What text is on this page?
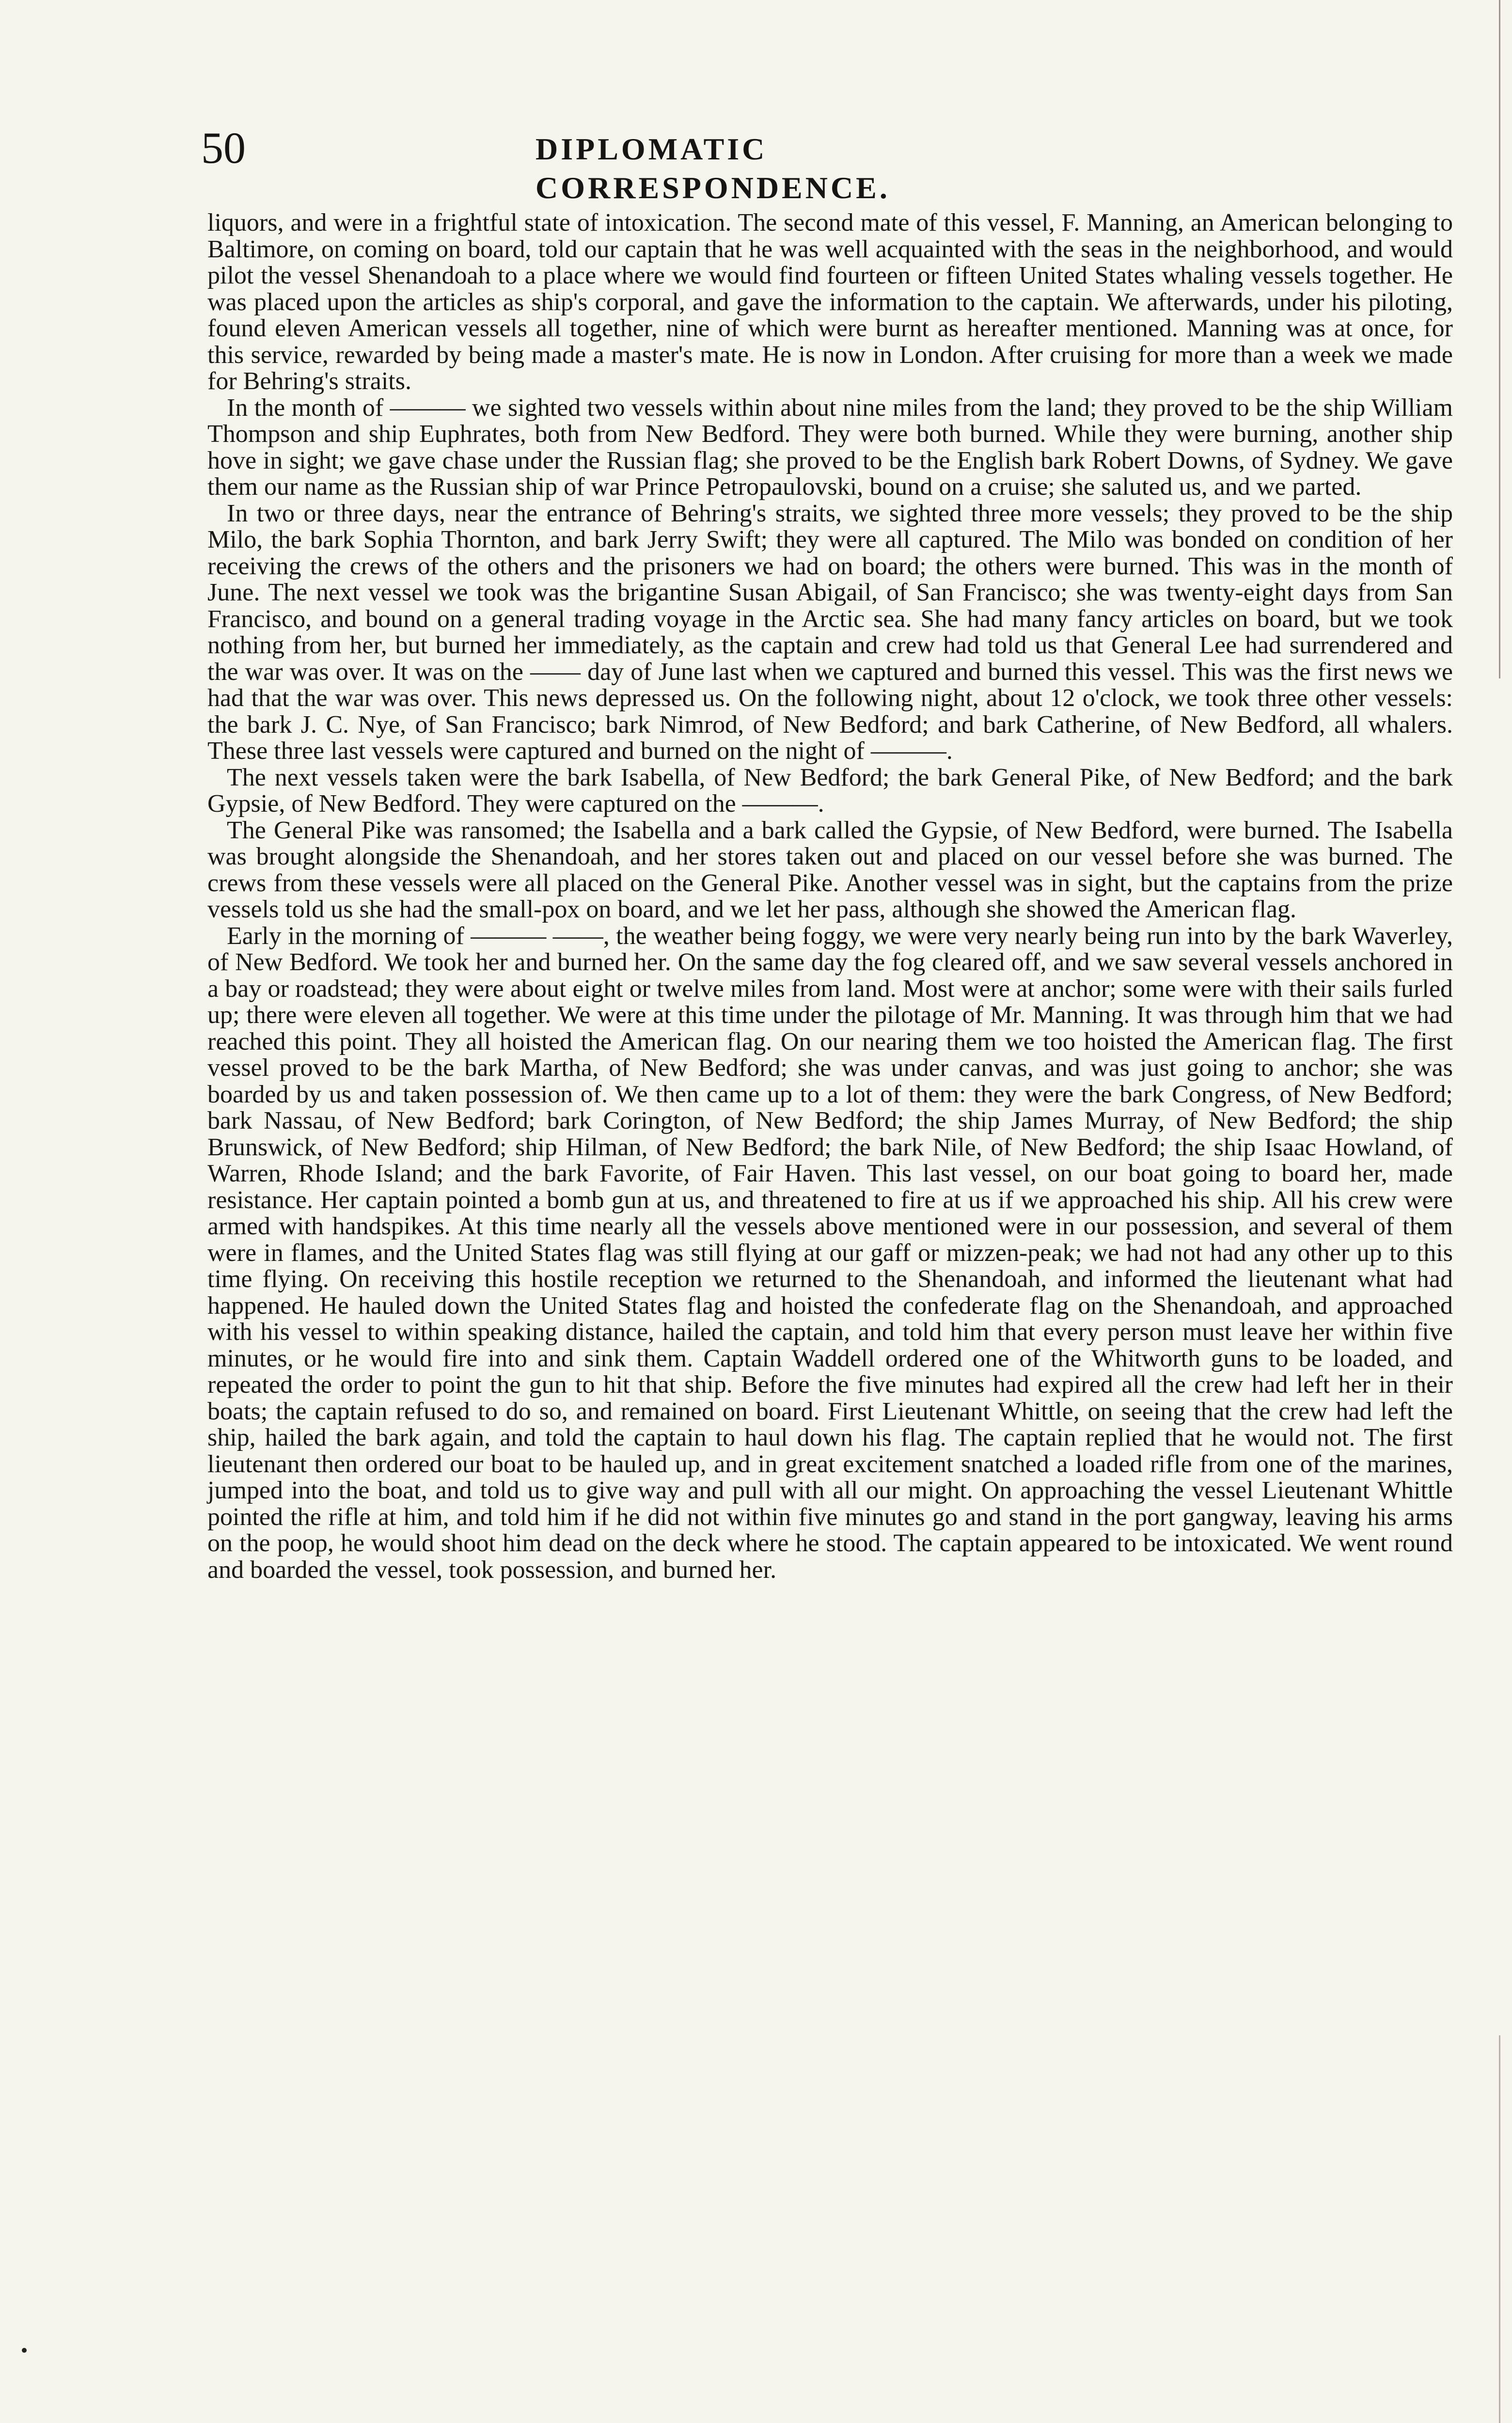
50	DIPLOMATIC CORRESPONDENCE.

liquors, and were in a frightful state of intoxication. The second mate of this vessel, F. Manning, an American belonging to Baltimore, on coming on board, told our captain that he was well acquainted with the seas in the neighborhood, and would pilot the vessel Shenandoah to a place where we would find fourteen or fifteen United States whaling vessels together. He was placed upon the articles as ship's corporal, and gave the information to the captain. We afterwards, under his piloting, found eleven American vessels all together, nine of which were burnt as hereafter mentioned. Manning was at once, for this service, rewarded by being made a master's mate. He is now in London. After cruising for more than a week we made for Behring's straits.

In the month of ——— we sighted two vessels within about nine miles from the land; they proved to be the ship William Thompson and ship Euphrates, both from New Bedford. They were both burned. While they were burning, another ship hove in sight; we gave chase under the Russian flag; she proved to be the English bark Robert Downs, of Sydney. We gave them our name as the Russian ship of war Prince Petropaulovski, bound on a cruise; she saluted us, and we parted.

In two or three days, near the entrance of Behring's straits, we sighted three more vessels; they proved to be the ship Milo, the bark Sophia Thornton, and bark Jerry Swift; they were all captured. The Milo was bonded on condition of her receiving the crews of the others and the prisoners we had on board; the others were burned. This was in the month of June. The next vessel we took was the brigantine Susan Abigail, of San Francisco; she was twenty-eight days from San Francisco, and bound on a general trading voyage in the Arctic sea. She had many fancy articles on board, but we took nothing from her, but burned her immediately, as the captain and crew had told us that General Lee had surrendered and the war was over. It was on the —— day of June last when we captured and burned this vessel. This was the first news we had that the war was over. This news depressed us. On the following night, about 12 o'clock, we took three other vessels: the bark J. C. Nye, of San Francisco; bark Nimrod, of New Bedford; and bark Catherine, of New Bedford, all whalers. These three last vessels were captured and burned on the night of ———.

The next vessels taken were the bark Isabella, of New Bedford; the bark General Pike, of New Bedford; and the bark Gypsie, of New Bedford. They were captured on the ———.

The General Pike was ransomed; the Isabella and a bark called the Gypsie, of New Bedford, were burned. The Isabella was brought alongside the Shenandoah, and her stores taken out and placed on our vessel before she was burned. The crews from these vessels were all placed on the General Pike. Another vessel was in sight, but the captains from the prize vessels told us she had the small-pox on board, and we let her pass, although she showed the American flag.

Early in the morning of ——— ——, the weather being foggy, we were very nearly being run into by the bark Waverley, of New Bedford. We took her and burned her. On the same day the fog cleared off, and we saw several vessels anchored in a bay or roadstead; they were about eight or twelve miles from land. Most were at anchor; some were with their sails furled up; there were eleven all together. We were at this time under the pilotage of Mr. Manning. It was through him that we had reached this point. They all hoisted the American flag. On our nearing them we too hoisted the American flag. The first vessel proved to be the bark Martha, of New Bedford; she was under canvas, and was just going to anchor; she was boarded by us and taken possession of. We then came up to a lot of them: they were the bark Congress, of New Bedford; bark Nassau, of New Bedford; bark Corington, of New Bedford; the ship James Murray, of New Bedford; the ship Brunswick, of New Bedford; ship Hilman, of New Bedford; the bark Nile, of New Bedford; the ship Isaac Howland, of Warren, Rhode Island; and the bark Favorite, of Fair Haven. This last vessel, on our boat going to board her, made resistance. Her captain pointed a bomb gun at us, and threatened to fire at us if we approached his ship. All his crew were armed with handspikes. At this time nearly all the vessels above mentioned were in our possession, and several of them were in flames, and the United States flag was still flying at our gaff or mizzen-peak; we had not had any other up to this time flying. On receiving this hostile reception we returned to the Shenandoah, and informed the lieutenant what had happened. He hauled down the United States flag and hoisted the confederate flag on the Shenandoah, and approached with his vessel to within speaking distance, hailed the captain, and told him that every person must leave her within five minutes, or he would fire into and sink them. Captain Waddell ordered one of the Whitworth guns to be loaded, and repeated the order to point the gun to hit that ship. Before the five minutes had expired all the crew had left her in their boats; the captain refused to do so, and remained on board. First Lieutenant Whittle, on seeing that the crew had left the ship, hailed the bark again, and told the captain to haul down his flag. The captain replied that he would not. The first lieutenant then ordered our boat to be hauled up, and in great excitement snatched a loaded rifle from one of the marines, jumped into the boat, and told us to give way and pull with all our might. On approaching the vessel Lieutenant Whittle pointed the rifle at him, and told him if he did not within five minutes go and stand in the port gangway, leaving his arms on the poop, he would shoot him dead on the deck where he stood. The captain appeared to be intoxicated. We went round and boarded the vessel, took possession, and burned her.
